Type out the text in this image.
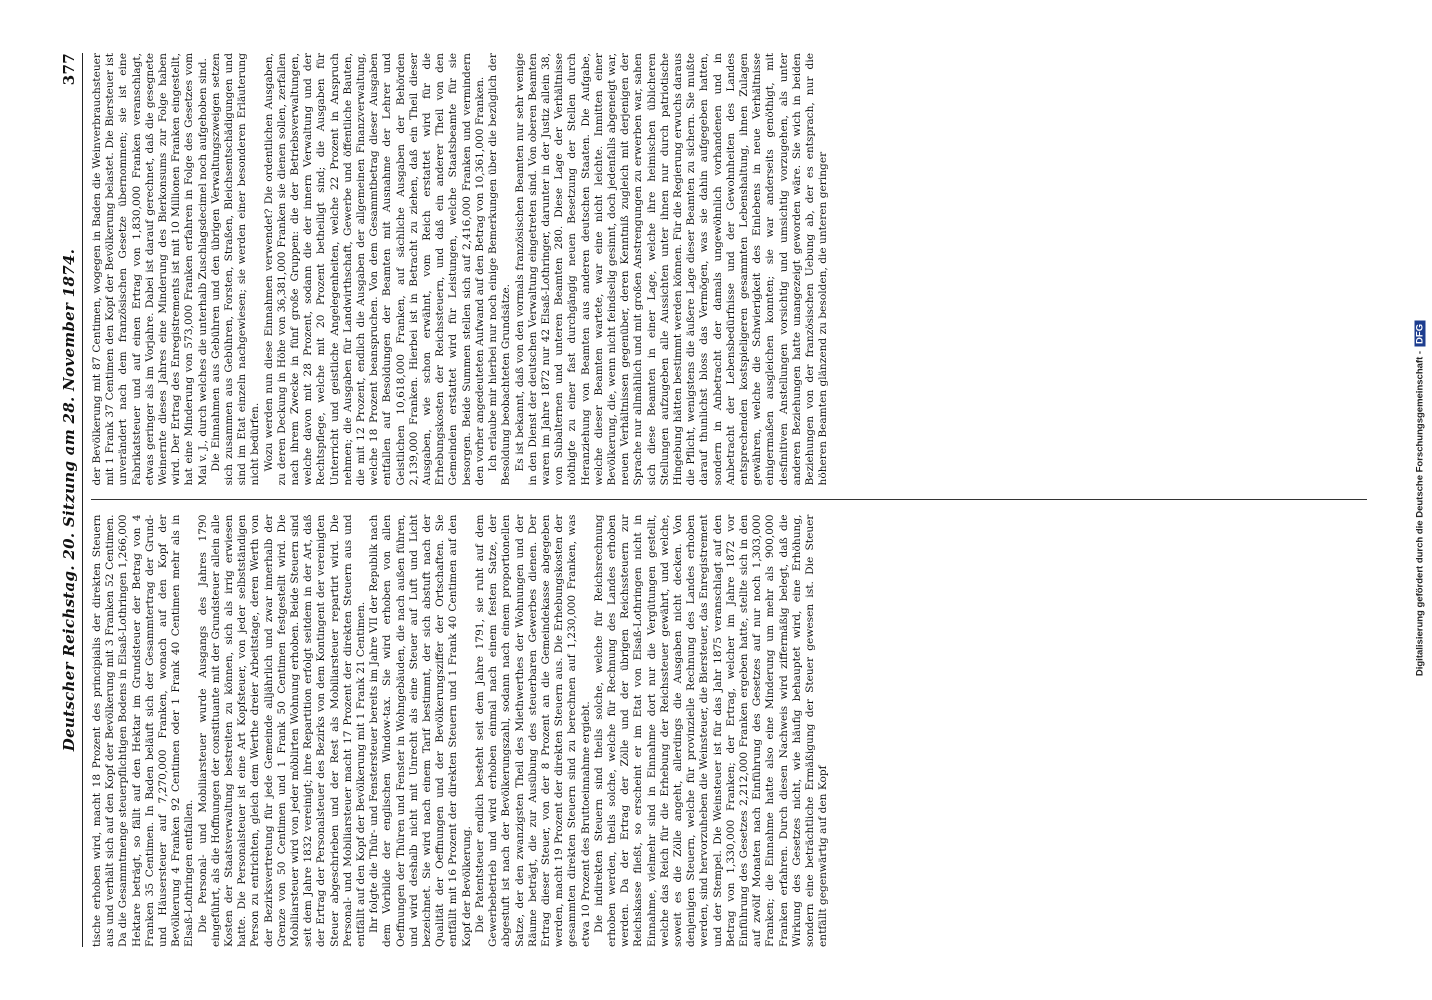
Deutscher Reichstag. 20. Sitzung am 28. November 1874.
377

tische erhoben wird, macht 18 Prozent des principialis der direkten Steuern aus und verhält sich auf den Kopf der Bevölkerung mit 3 Franken 52 Centimen. Da die Gesammtmenge steuerpflichtigen Bodens in Elsaß-Lothringen 1,266,000 Hektare beträgt, so fällt auf den Hektar im Grundsteuer der Betrag von 4 Franken 35 Centimen. In Baden beläuft sich der Gesammtertrag der Grund- und Häusersteuer auf 7,270,000 Franken, wonach auf den Kopf der Bevölkerung 4 Franken 92 Centimen oder 1 Frank 40 Centimen mehr als in Elsaß-Lothringen entfallen. Die Personal- und Mobiliarsteuer wurde Ausgangs des Jahres 1790 eingeführt, als die Hoffnungen der constituante mit der Grundsteuer allein alle Kosten der Staatsverwaltung bestreiten zu können, sich als irrig erwiesen hatte. Die Personalsteuer ist eine Art Kopfsteuer, von jeder selbstständigen Person zu entrichten, gleich dem Werthe dreier Arbeitstage, deren Werth von der Bezirksvertretung für jede Gemeinde alljährlich und zwar innerhalb der Grenze von 50 Centimen und 1 Frank 50 Centimen festgestellt wird. Die Mobiliarsteuer wird von jeder möblirten Wohnung erhoben. Beide Steuern sind seit dem Jahre 1832 vereinigt; ihre Repartition erfolgt seitdem in der Art, daß der Ertrag der Personalsteuer des Bezirks von dem Kontingent der vereinigten Steuer abgeschrieben und der Rest als Mobiliarsteuer repartirt wird. Die Personal- und Mobiliarsteuer macht 17 Prozent der direkten Steuern aus und entfällt auf den Kopf der Bevölkerung mit 1 Frank 21 Centimen. Ihr folgte die Thür- und Fenstersteuer bereits im Jahre VII der Republik nach dem Vorbilde der englischen Window-tax. Sie wird erhoben von allen Oeffnungen der Thüren und Fenster in Wohngebäuden, die nach außen führen, und wird deshalb nicht mit Unrecht als eine Steuer auf Luft und Licht bezeichnet. Sie wird nach einem Tarif bestimmt, der sich abstuft nach der Qualität der Oeffnungen und der Bevölkerungsziffer der Ortschaften. Sie entfällt mit 16 Prozent der direkten Steuern und 1 Frank 40 Centimen auf den Kopf der Bevölkerung. Die Patentsteuer endlich besteht seit dem Jahre 1791, sie ruht auf dem Gewerbebetrieb und wird erhoben einmal nach einem festen Satze, der abgestuft ist nach der Bevölkerungszahl, sodann nach einem proportionellen Satze, der den zwanzigsten Theil des Miethwerthes der Wohnungen und der Räume beträgt, die zur Ausübung des steuerbaren Gewerbes dienen. Der Ertrag dieser Steuer, von der 8 Prozent an die Gemeindekasse abgegeben werden, macht 19 Prozent der direkten Steuern aus. Die Erhebungskosten der gesammten direkten Steuern sind zu berechnen auf 1,230,000 Franken, was etwa 10 Prozent des Bruttoeinnahme ergiebt. Die indirekten Steuern sind theils solche, welche für Reichsrechnung erhoben werden, theils solche, welche für Rechnung des Landes erhoben werden. Da der Ertrag der Zölle und der übrigen Reichssteuern zur Reichskasse fließt, so erscheint er im Etat von Elsaß-Lothringen nicht in Einnahme, vielmehr sind in Einnahme dort nur die Vergütungen gestellt, welche das Reich für die Erhebung der Reichssteuer gewährt, und welche, soweit es die Zölle angeht, allerdings die Ausgaben nicht decken. Von denjenigen Steuern, welche für provinzielle Rechnung des Landes erhoben werden, sind hervorzuheben die Weinsteuer, die Biersteuer, das Enregistrement und der Stempel. Die Weinsteuer ist für das Jahr 1875 veranschlagt auf den Betrag von 1,330,000 Franken; der Ertrag, welcher im Jahre 1872 vor Einführung des Gesetzes 2,212,000 Franken ergeben hatte, stellte sich in den auf zwölf Monaten nach Einführung des Gesetzes auf nur noch 1,303,000 Franken; die Einnahme hatte also eine Minderung um mehr als 900,000 Franken erfahren. Durch diesen Nachweis wird ziffermäßig belegt, daß die Wirkung des Gesetzes nicht, wie häufig behauptet wird, eine Erhöhung, sondern eine beträchtliche Ermäßigung der Steuer gewesen ist. Die Steuer entfällt gegenwärtig auf den Kopf

der Bevölkerung mit 87 Centimen, wogegen in Baden die Weinverbrauchsteuer mit 1 Frank 37 Centimen den Kopf der Bevölkerung belastet. Die Biersteuer ist unverändert nach dem französischen Gesetze übernommen; sie ist eine Fabrikatsteuer und auf einen Ertrag von 1,830,000 Franken veranschlagt, etwas geringer als im Vorjahre. Dabei ist darauf gerechnet, daß die gesegnete Weinernte dieses Jahres eine Minderung des Bierkonsums zur Folge haben wird. Der Ertrag des Enregistrements ist mit 10 Millionen Franken eingestellt, hat eine Minderung von 573,000 Franken erfahren in Folge des Gesetzes vom Mai v. J., durch welches die unterhalb Zuschlagsdecimel noch aufgehoben sind. Die Einnahmen aus Gebühren und den übrigen Verwaltungszweigen setzen sich zusammen aus Gebühren, Forsten, Straßen, Bleichsentschädigungen und sind im Etat einzeln nachgewiesen; sie werden einer besonderen Erläuterung nicht bedürfen. Wozu werden nun diese Einnahmen verwendet? Die ordentlichen Ausgaben, zu deren Deckung in Höhe von 36,381,000 Franken sie dienen sollen, zerfallen nach ihrem Zwecke in fünf große Gruppen: die der Betriebsverwaltungen, welche davon mit 28 Prozent, sodann die der innern Verwaltung und der Rechtspflege, welche mit 20 Prozent betheiligt sind; die Ausgaben für Unterricht und geistliche Angelegenheiten, welche 22 Prozent in Anspruch nehmen; die Ausgaben für Landwirthschaft, Gewerbe und öffentliche Bauten, die mit 12 Prozent, endlich die Ausgaben der allgemeinen Finanzverwaltung, welche 18 Prozent beanspruchen. Von dem Gesammtbetrag dieser Ausgaben entfallen auf Besoldungen der Beamten mit Ausnahme der Lehrer und Geistlichen 10,618,000 Franken, auf sächliche Ausgaben der Behörden 2,139,000 Franken. Hierbei ist in Betracht zu ziehen, daß ein Theil dieser Ausgaben, wie schon erwähnt, vom Reich erstattet wird für die Erhebungskosten der Reichssteuern, und daß ein anderer Theil von den Gemeinden erstattet wird für Leistungen, welche Staatsbeamte für sie besorgen. Beide Summen stellen sich auf 2,416,000 Franken und vermindern den vorher angedeuteten Aufwand auf den Betrag von 10,361,000 Franken. Ich erlaube mir hierbei nur noch einige Bemerkungen über die bezüglich der Besoldung beobachteten Grundsätze. Es ist bekannt, daß von den vormals französischen Beamten nur sehr wenige in den Dienst der deutschen Verwaltung eingetreten sind. Von oberen Beamten waren im Jahre 1872 nur 42 Elsaß-Lothringer, darunter in der Justiz allein 38, von Subalternen und unteren Beamten 280. Diese Lage der Verhältnisse nöthigte zu einer fast durchgängig neuen Besetzung der Stellen durch Heranziehung von Beamten aus anderen deutschen Staaten. Die Aufgabe, welche dieser Beamten wartete, war eine nicht leichte. Inmitten einer Bevölkerung, die, wenn nicht feindselig gesinnt, doch jedenfalls abgeneigt war, neuen Verhältnissen gegenüber, deren Kenntniß zugleich mit derjenigen der Sprache nur allmählich und mit großen Anstrengungen zu erwerben war, sahen sich diese Beamten in einer Lage, welche ihre heimischen üblicheren Stellungen aufzugeben alle Aussichten unter ihnen nur durch patriotische Hingebung hätten bestimmt werden können. Für die Regierung erwuchs daraus die Pflicht, wenigstens die äußere Lage dieser Beamten zu sichern. Sie mußte darauf thunlichst bloss das Vermögen, was sie dahin aufgegeben hatten, sondern in Anbetracht der damals ungewöhnlich vorhandenen und in Anbetracht der Lebensbedürfnisse und der Gewohnheiten des Landes entsprechenden kostspieligeren gesammten Lebenshaltung, ihnen Zulagen gewähren, welche die Schwierigkeit des Einlebens in neue Verhältnisse einigermaßen ausgleichen konnten; sie war anderseits genöthigt, mit desfinitiven Anstellungen vorsichtig und umsichtig vorzugehen, als unter anderen Beziehungen hatte unangezeigt geworden wäre. Sie wich in beiden Beziehungen von der französischen Uebung ab, der es entsprach, nur die höheren Beamten glänzend zu besolden, die unteren geringer

Digitalisierung gefördert durch die Deutsche Forschungsgemeinschaft -DFG
